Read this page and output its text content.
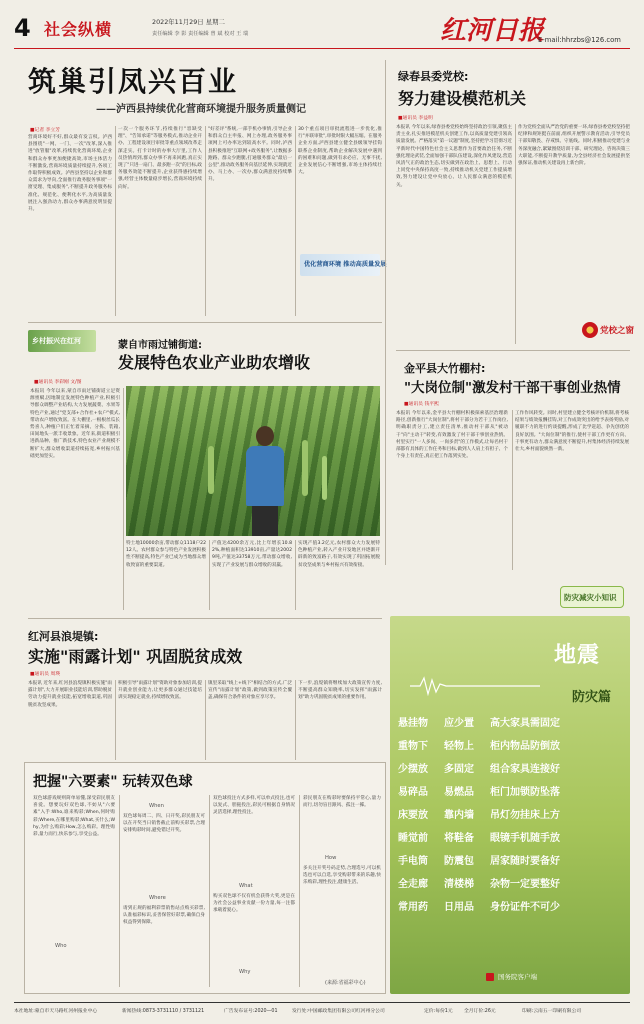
4 社会纵横	2022年11月29日 星期二
责任编辑 李 影 责任编辑 曾 斌 校对 王 瑞	红河日报
E-mail:hhrzbs@126.com
筑巢引凤兴百业
——泸西县持续优化营商环境提升服务质量侧记
■记者 李立芳
营商环境好不好,群众最有发言权。泸西县围绕"一网、一门、一次"改革,深入推进"放管服"改革,持续优化营商环境,企业和群众办事更加便捷高效,市场主体活力不断激发,营商环境质量持续提升,各项工作取得积极成效。泸西县坚持以企业和群众需求为导向,全面推行政务服务事项"一窗受理、集成服务",不断提升政务服务标准化、规范化、便利化水平,为高质量发展注入强劲动力,群众办事满意度明显提升。
一次一个服务环节,持续推行"容缺受理"、"告知承诺"等服务模式,推动企业开办、工程建设项目审批等重点领域改革走深走实。打卡计时的办事大厅里,工作人员热情周到,群众办事不再来回跑,真正实现了"只进一扇门、最多跑一次"的目标,政务服务效能不断提升,企业获得感持续增强,经营主体数量稳步增长,营商环境持续向好。
"好差评"系统,一部手机办事情,引导企业和群众自主申报、网上办理,政务服务事项网上可办率达到较高水平。同时,泸西县积极推进"互联网+政务服务",让数据多跑路、群众少跑腿,打通服务群众"最后一公里",推动政务服务向基层延伸,实现就近办、马上办、一次办,群众满意度持续攀升。
30个重点项目审批流程进一步优化,推行"并联审批",审批时限大幅压缩。在服务企业方面,泸西县建立健全县级领导挂钩联系企业制度,帮助企业解决发展中遇到的困难和问题,做到有求必应、无事不扰,企业发展信心不断增强,市场主体持续壮大。
优化营商环境 推动高质量发展
绿春县委党校:
努力建设模范机关
■通讯员 李益明
本报讯 今年以来,绿春县委党校始终坚持政治引领,聚焦主责主业,扎实推进模范机关创建工作,以高质量党建引领高质量发展。严格落实"第一议题"制度,坚持把学习贯彻习近平新时代中国特色社会主义思想作为首要政治任务,不断强化理论武装,全面加强干部队伍建设,深化作风建设,营造风清气正的政治生态,切实做到在政治上、思想上、行动上同党中央保持高度一致,持续推动机关党建工作提质增效,努力建设让党中央放心、让人民群众满意的模范机关。
作为党校全面从严治党的重要一环,绿春县委党校坚持把纪律和规矩挺在前面,组织开展警示教育活动,引导党员干部知敬畏、存戒惧、守底线。同时,积极推动党建与业务深度融合,紧紧围绕培训干部、研究理论、咨询决策三大职能,不断提升教学质量,为全县经济社会发展提供坚强保证,推动机关建设再上新台阶。
党校之窗
乡村振兴在红河	蒙自市雨过铺街道:
发展特色农业产业助农增收
■通讯员 李彩刚 文/图
本报讯 今年以来,蒙自市雨过铺街道立足资源禀赋,因地制宜发展特色种植产业,积极引导群众调整产业结构,大力发展蔬菜、水果等特色产业,通过"党支部+合作社+农户"模式,带动农户增收致富。在大棚里,一根根丝瓜长势喜人,种植户们正忙着采摘、分拣、装箱,田间地头一派丰收景象。近年来,街道积极引进新品种、推广新技术,特色农业产业规模不断扩大,群众增收渠道持续拓宽,乡村振兴基础更加坚实。
特土地10000余亩,带动群众1118户2212人。农村群众参与特色产业发展积极性不断提高,特色产业已成为当地群众增收致富的重要渠道。
产值达4200余万元,比上年增长10.82%,种植面积达13910亩,产量达20029吨,产值达33758万元,带动群众增收,实现了产业发展与群众增收的双赢。
实现产值3.2亿元,农村群众大力发展特色种植产业,转入产业开发地区并逐渐开辟新的致富路子,有效实现了巩固拓展脱贫攻坚成果与乡村振兴有效衔接。
金平县大竹棚村:
"大岗位制"激发村干部干事创业热情
■通讯员 钱平熙
本报讯 今年以来,金平县大竹棚村积极探索基层治理新路径,创新推行"大岗位制",将村干部分为若干工作岗位,明确职责分工,建立责任清单,推动村干部从"被动干"向"主动干"转变,有效激发了村干部干事创业热情。村里实行"一人多岗、一岗多责"的工作模式,让每名村干部都有具体的工作任务和目标,做到人人肩上有担子、个个身上有责任,真正把工作落到实处。
工作作风转变。同时,村里建立健全考核评价机制,将考核结果与绩效报酬挂钩,对工作成效突出的给予表扬奖励,对履职不力的进行约谈提醒,形成了比学赶超、争先创优的良好氛围。"大岗位制"的推行,使村干部工作更有方向、干事更有动力,群众满意度不断提升,村集体经济持续发展壮大,乡村面貌焕然一新。
防灾减灾小知识
红河县浪堤镇:
实施"雨露计划" 巩固脱贫成效
■通讯员 周瑛
本报讯 近年来,红河县浪堤镇积极实施"雨露计划",大力开展职业技能培训,帮助脱贫劳动力提升就业技能,拓宽增收渠道,巩固脱贫攻坚成果。
积极引导"雨露计划"资助对象参加培训,提升就业创业能力,让更多群众通过技能培训实现稳定就业,持续增收致富。
镇里采取"线上+线下"相结合的方式,广泛宣传"雨露计划"政策,做到政策宣传全覆盖,确保符合条件的对象应享尽享。
下一步,浪堤镇将继续加大政策宣传力度,不断提高群众知晓率,切实发挥"雨露计划"助力巩固脱贫成果的重要作用。
把握"六要素" 玩转双色球
双色球游戏规则简单易懂,深受彩民朋友喜爱。想要玩好双色球,不妨从"六要素"入手:Who,谁来购彩;When,何时购彩;Where,在哪里购彩;What,买什么;Why,为什么购彩;How,怎么购彩。理性购彩,量力而行,快乐参与,享受公益。
Who
When
双色球每周二、四、日开奖,彩民朋友可以在开奖当日销售截止前购买彩票,合理安排购彩时间,避免错过开奖。
Where
请到正规的福利彩票销售站点购买彩票,认准福彩标识,妥善保管好彩票,确保自身权益得到保障。
双色球投注方式多样,可以单式投注,也可以复式、胆拖投注,彩民可根据自身情况灵活选择,理性投注。
What
购买双色球不仅有机会获得大奖,更是在为社会公益事业贡献一份力量,每一注都承载着爱心。
Why
彩民朋友在购彩时要保持平常心,量力而行,切勿盲目跟风、孤注一掷。
How
多关注开奖号码走势,合理选号,可以机选也可以自选,享受购彩带来的乐趣,快乐购彩,理性投注,健康生活。
(来源:省福彩中心)
地震
防灾篇
悬挂物	应少置	高大家具需固定
重物下	轻物上	柜内物品防倒放
少摆放	多固定	组合家具连接好
易碎品	易燃品	柜门加锁防坠落
床要放	靠内墙	吊灯勿挂床上方
睡觉前	将鞋备	眼镜手机随手放
手电筒	防震包	居家随时要备好
全走廊	清楼梯	杂物一定要整好
常用药	日用品	身份证件不可少
国务院客户端
本社地址:蒙自市天马路红河州报业中心	新闻热线:0873-3731110 / 3731121	广告发布证号:2020—01	发行处:中国邮政集团有限公司红河州分公司	定价:每份1元 全月订价:26元	印刷:云南五一印刷有限公司
